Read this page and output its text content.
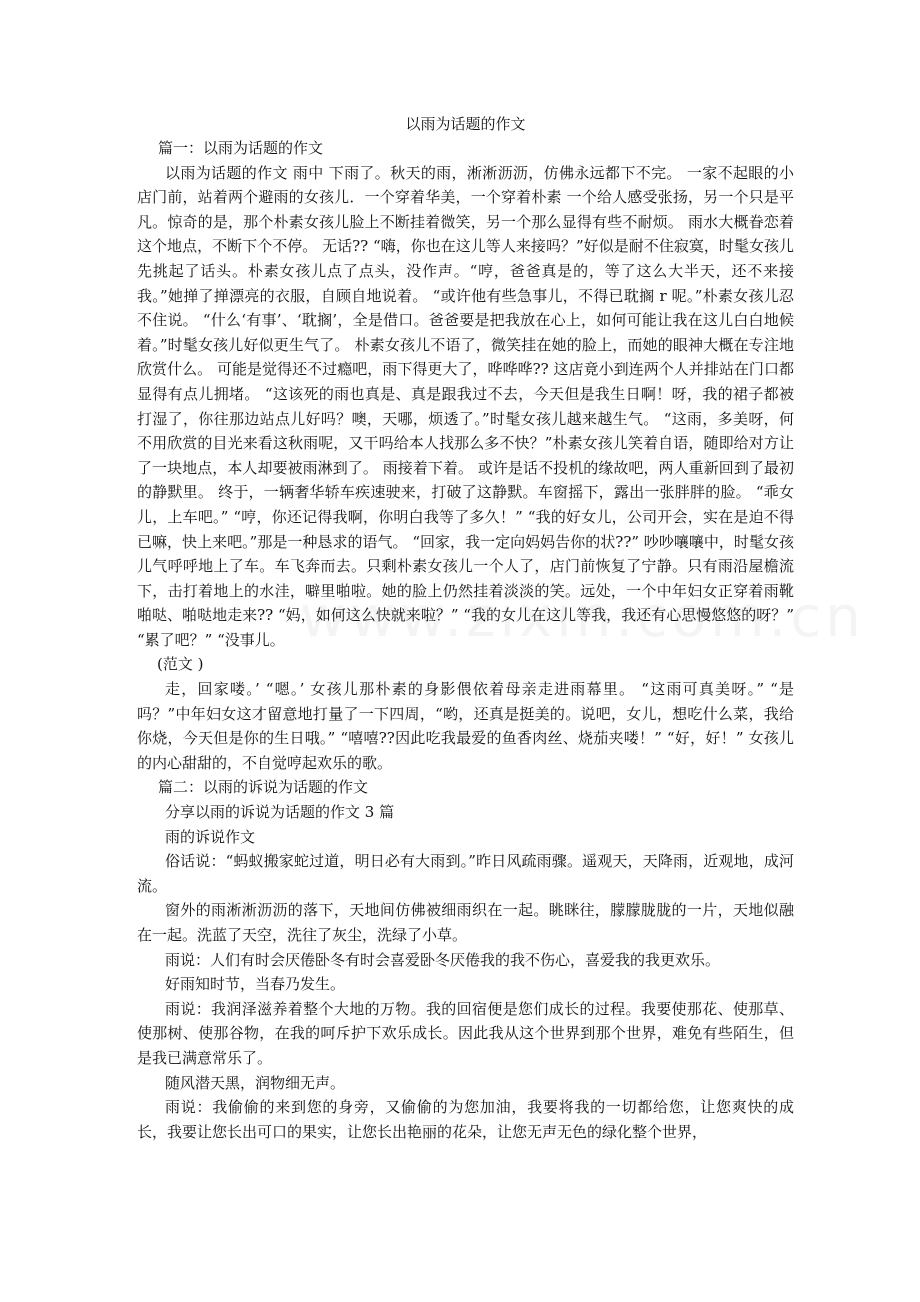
以雨为话题的作文

篇一：以雨为话题的作文

以雨为话题的作文 雨中 下雨了。秋天的雨，淅淅沥沥，仿佛永远都下不完。 一家不起眼的小店门前，站着两个避雨的女孩儿．一个穿着华美，一个穿着朴素 一个给人感受张扬，另一个只是平凡。惊奇的是，那个朴素女孩儿脸上不断挂着微笑，另一个那么显得有些不耐烦。 雨水大概眷恋着这个地点，不断下个不停。 无话?? “嗨，你也在这儿等人来接吗？”好似是耐不住寂寞，时髦女孩儿先挑起了话头。朴素女孩儿点了点头，没作声。“哼，爸爸真是的，等了这么大半天，还不来接我。”她掸了掸漂亮的衣服，自顾自地说着。 “或许他有些急事儿，不得已耽搁 r 呢。”朴素女孩儿忍不住说。 “什么‘有事’、‘耽搁’，全是借口。爸爸要是把我放在心上，如何可能让我在这儿白白地候着。”时髦女孩儿好似更生气了。 朴素女孩儿不语了，微笑挂在她的脸上，而她的眼神大概在专注地欣赏什么。 可能是觉得还不过瘾吧，雨下得更大了，哗哗哗?? 这店竟小到连两个人并排站在门口都显得有点儿拥堵。 “这该死的雨也真是、真是跟我过不去，今天但是我生日啊！呀，我的裙子都被打湿了，你往那边站点儿好吗？噢，天哪，烦透了。”时髦女孩儿越来越生气。 “这雨，多美呀，何不用欣赏的目光来看这秋雨呢，又干吗给本人找那么多不快？”朴素女孩儿笑着自语，随即给对方让了一块地点，本人却要被雨淋到了。 雨接着下着。 或许是话不投机的缘故吧，两人重新回到了最初的静默里。 终于，一辆奢华轿车疾速驶来，打破了这静默。车窗摇下，露出一张胖胖的脸。 “乖女儿，上车吧。” “哼，你还记得我啊，你明白我等了多久！” “我的好女儿，公司开会，实在是迫不得已嘛，快上来吧。”那是一种恳求的语气。 “回家，我一定向妈妈告你的状??” 吵吵嚷嚷中，时髦女孩儿气呼呼地上了车。车飞奔而去。只剩朴素女孩儿一个人了，店门前恢复了宁静。只有雨沿屋檐流下，击打着地上的水洼，噼里啪啦。她的脸上仍然挂着淡淡的笑。远处，一个中年妇女正穿着雨靴啪哒、啪哒地走来?? “妈，如何这么快就来啦？” “我的女儿在这儿等我，我还有心思慢悠悠的呀？” “累了吧？” “没事儿。

(范文 )

走，回家喽。’ “嗯。’ 女孩儿那朴素的身影偎依着母亲走进雨幕里。 “这雨可真美呀。” “是吗？”中年妇女这才留意地打量了一下四周，“哟，还真是挺美的。说吧，女儿，想吃什么菜，我给你烧，今天但是你的生日哦。” “嘻嘻??因此吃我最爱的鱼香肉丝、烧茄夹喽！” “好，好！” 女孩儿的内心甜甜的，不自觉哼起欢乐的歌。

篇二：以雨的诉说为话题的作文

分享以雨的诉说为话题的作文 3 篇

雨的诉说作文

俗话说：“蚂蚁搬家蛇过道，明日必有大雨到。”昨日风疏雨骤。遥观天，天降雨，近观地，成河流。

窗外的雨淅淅沥沥的落下，天地间仿佛被细雨织在一起。眺眯往，朦朦胧胧的一片，天地似融在一起。洗蓝了天空，洗往了灰尘，洗绿了小草。

雨说：人们有时会厌倦卧冬有时会喜爱卧冬厌倦我的我不伤心，喜爱我的我更欢乐。

好雨知时节，当春乃发生。

雨说：我润泽滋养着整个大地的万物。我的回宿便是您们成长的过程。我要使那花、使那草、使那树、使那谷物，在我的呵斥护下欢乐成长。因此我从这个世界到那个世界，难免有些陌生，但是我已满意常乐了。

随风潜天黑，润物细无声。

雨说：我偷偷的来到您的身旁，又偷偷的为您加油，我要将我的一切都给您，让您爽快的成长，我要让您长出可口的果实，让您长出艳丽的花朵，让您无声无色的绿化整个世界，
